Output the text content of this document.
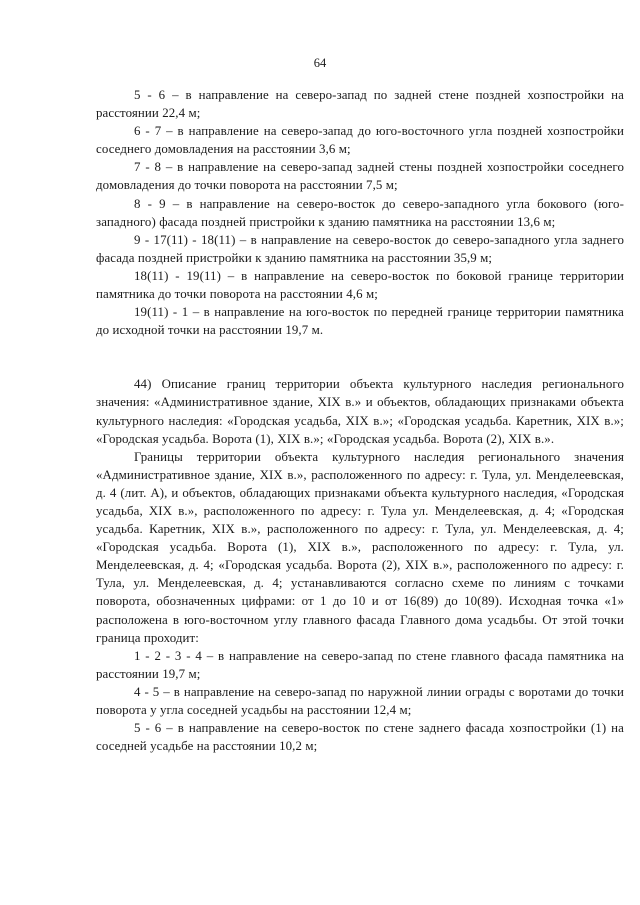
64

5 - 6 – в направление на северо-запад по задней стене поздней хозпостройки на расстоянии 22,4 м;

6 - 7 – в направление на северо-запад до юго-восточного угла поздней хозпостройки соседнего домовладения на расстоянии 3,6 м;

7 - 8 – в направление на северо-запад задней стены поздней хозпостройки соседнего домовладения до точки поворота на расстоянии 7,5 м;

8 - 9 – в направление на северо-восток до северо-западного угла бокового (юго-западного) фасада поздней пристройки к зданию памятника на расстоянии 13,6 м;

9 - 17(11) - 18(11) – в направление на северо-восток до северо-западного угла заднего фасада поздней пристройки к зданию памятника на расстоянии 35,9 м;

18(11) - 19(11) – в направление на северо-восток по боковой границе территории памятника до точки поворота на расстоянии 4,6 м;

19(11) - 1 – в направление на юго-восток по передней границе территории памятника до исходной точки на расстоянии 19,7 м.

44) Описание границ территории объекта культурного наследия регионального значения: «Административное здание, XIX в.» и объектов, обладающих признаками объекта культурного наследия: «Городская усадьба, XIX в.»; «Городская усадьба. Каретник, XIX в.»; «Городская усадьба. Ворота (1), XIX в.»; «Городская усадьба. Ворота (2), XIX в.».

Границы территории объекта культурного наследия регионального значения «Административное здание, XIX в.», расположенного по адресу: г. Тула, ул. Менделеевская, д. 4 (лит. А), и объектов, обладающих признаками объекта культурного наследия, «Городская усадьба, XIX в.», расположенного по адресу: г. Тула ул. Менделеевская, д. 4; «Городская усадьба. Каретник, XIX в.», расположенного по адресу: г. Тула, ул. Менделеевская, д. 4; «Городская усадьба. Ворота (1), XIX в.», расположенного по адресу: г. Тула, ул. Менделеевская, д. 4; «Городская усадьба. Ворота (2), XIX в.», расположенного по адресу: г. Тула, ул. Менделеевская, д. 4; устанавливаются согласно схеме по линиям с точками поворота, обозначенных цифрами: от 1 до 10 и от 16(89) до 10(89). Исходная точка «1» расположена в юго-восточном углу главного фасада Главного дома усадьбы. От этой точки граница проходит:

1 - 2 - 3 - 4 – в направление на северо-запад по стене главного фасада памятника на расстоянии 19,7 м;

4 - 5 – в направление на северо-запад по наружной линии ограды с воротами до точки поворота у угла соседней усадьбы на расстоянии 12,4 м;

5 - 6 – в направление на северо-восток по стене заднего фасада хозпостройки (1) на соседней усадьбе на расстоянии 10,2 м;
